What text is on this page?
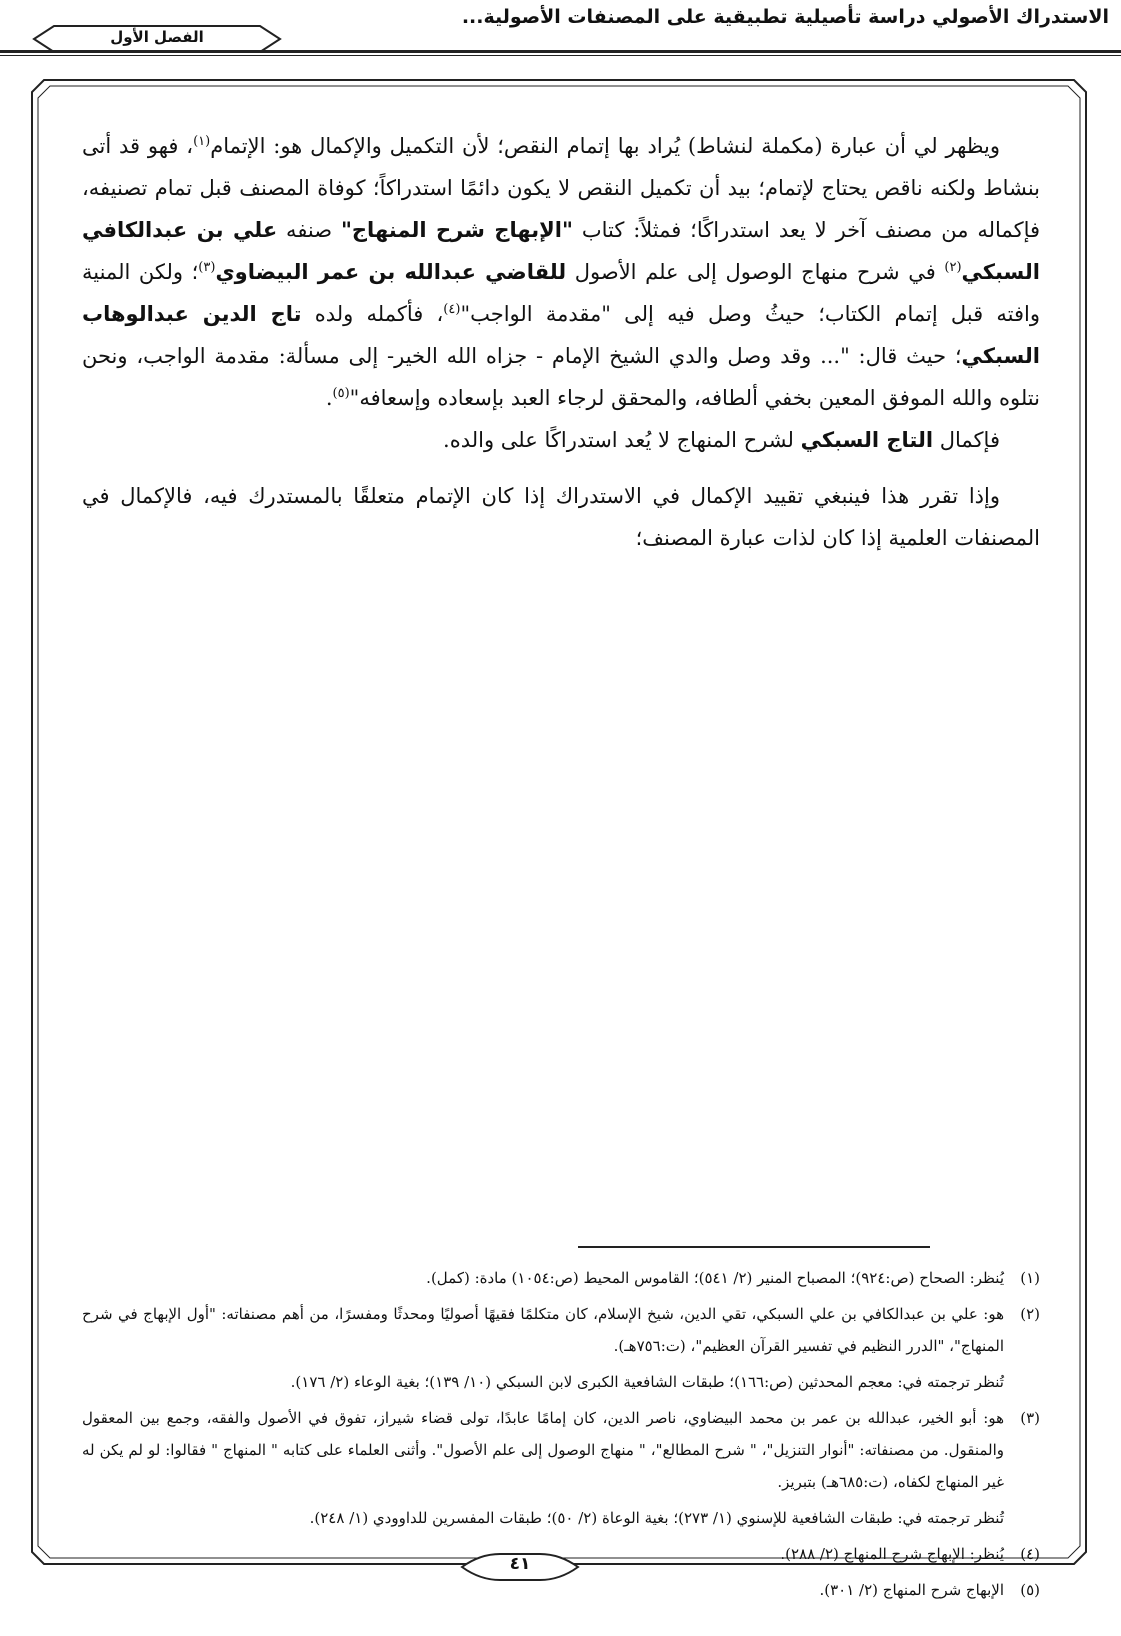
الاستدراك الأصولي دراسة تأصيلية تطبيقية على المصنفات الأصولية...
الفصل الأول

ويظهر لي أن عبارة (مكملة لنشاط) يُراد بها إتمام النقص؛ لأن التكميل والإكمال هو: الإتمام$^{(١)}$، فهو قد أتى بنشاط ولكنه ناقص يحتاج لإتمام؛ بيد أن تكميل النقص لا يكون دائمًا استدراكاً؛ كوفاة المصنف قبل تمام تصنيفه، فإكماله من مصنف آخر لا يعد استدراكًا؛ فمثلاً: كتاب "الإبهاج شرح المنهاج" صنفه علي بن عبدالكافي السبكي$^{(٢)}$ في شرح منهاج الوصول إلى علم الأصول للقاضي عبدالله بن عمر البيضاوي$^{(٣)}$؛ ولكن المنية وافته قبل إتمام الكتاب؛ حيثُ وصل فيه إلى "مقدمة الواجب"$^{(٤)}$، فأكمله ولده تاج الدين عبدالوهاب السبكي؛ حيث قال: "... وقد وصل والدي الشيخ الإمام - جزاه الله الخير- إلى مسألة: مقدمة الواجب، ونحن نتلوه والله الموفق المعين بخفي ألطافه، والمحقق لرجاء العبد بإسعاده وإسعافه"$^{(٥)}$.
فإكمال التاج السبكي لشرح المنهاج لا يُعد استدراكًا على والده.

وإذا تقرر هذا فينبغي تقييد الإكمال في الاستدراك إذا كان الإتمام متعلقًا بالمستدرك فيه، فالإكمال في المصنفات العلمية إذا كان لذات عبارة المصنف؛

(١)

يُنظر: الصحاح (ص:٩٢٤)؛ المصباح المنير (٢/ ٥٤١)؛ القاموس المحيط (ص:١٠٥٤) مادة: (كمل).

(٢)

هو: علي بن عبدالكافي بن علي السبكي، تقي الدين، شيخ الإسلام، كان متكلمًا فقيهًا أصوليًا ومحدثًا ومفسرًا، من أهم مصنفاته: "أول الإبهاج في شرح المنهاج"، "الدرر النظيم في تفسير القرآن العظيم"، (ت:٧٥٦هـ).

تُنظر ترجمته في: معجم المحدثين (ص:١٦٦)؛ طبقات الشافعية الكبرى لابن السبكي (١٠/ ١٣٩)؛ بغية الوعاء (٢/ ١٧٦).

(٣)

هو: أبو الخير، عبدالله بن عمر بن محمد البيضاوي، ناصر الدين، كان إمامًا عابدًا، تولى قضاء شيراز، تفوق في الأصول والفقه، وجمع بين المعقول والمنقول. من مصنفاته: "أنوار التنزيل"، " شرح المطالع"، " منهاج الوصول إلى علم الأصول". وأثنى العلماء على كتابه " المنهاج " فقالوا: لو لم يكن له غير المنهاج لكفاه، (ت:٦٨٥هـ) بتبريز.

تُنظر ترجمته في: طبقات الشافعية للإسنوي (١/ ٢٧٣)؛ بغية الوعاة (٢/ ٥٠)؛ طبقات المفسرين للداوودي (١/ ٢٤٨).

(٤)

يُنظر: الإبهاج شرح المنهاج (٢/ ٢٨٨).

(٥)

الإبهاج شرح المنهاج (٢/ ٣٠١).

٤١
